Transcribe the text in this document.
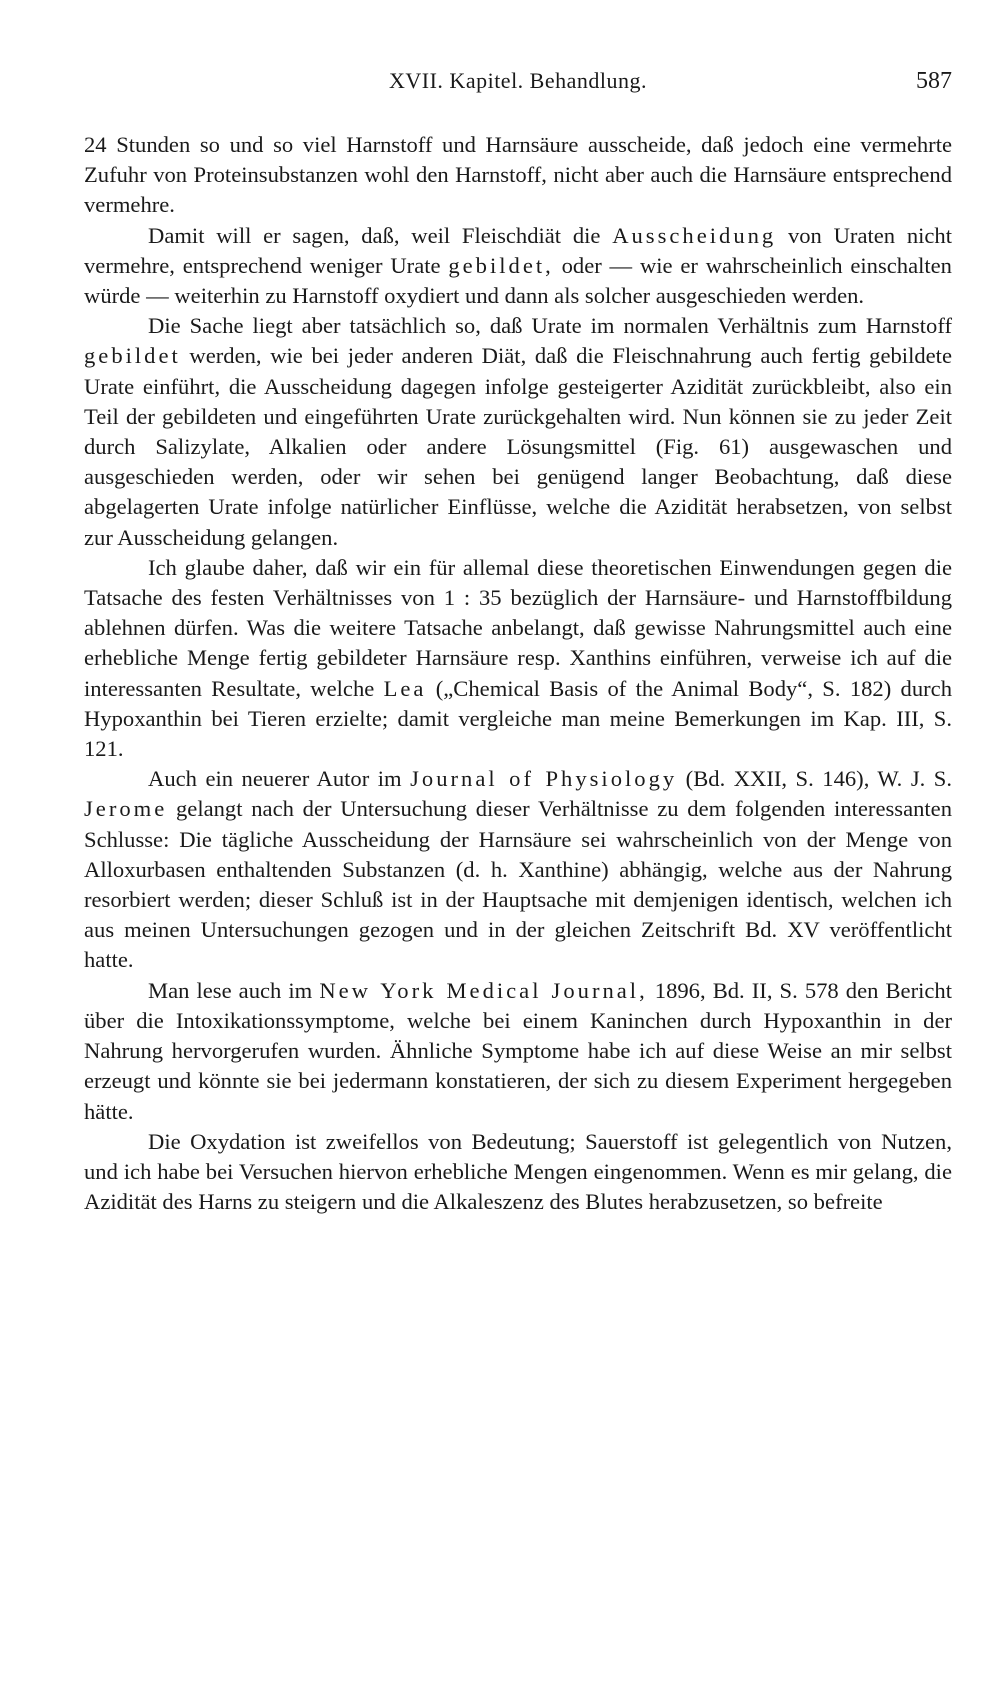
XVII. Kapitel. Behandlung.	587

24 Stunden so und so viel Harnstoff und Harnsäure ausscheide, daß jedoch eine vermehrte Zufuhr von Proteinsubstanzen wohl den Harnstoff, nicht aber auch die Harnsäure entsprechend vermehre.

Damit will er sagen, daß, weil Fleischdiät die Ausscheidung von Uraten nicht vermehre, entsprechend weniger Urate gebildet, oder — wie er wahrscheinlich einschalten würde — weiterhin zu Harnstoff oxydiert und dann als solcher ausgeschieden werden.

Die Sache liegt aber tatsächlich so, daß Urate im normalen Verhältnis zum Harnstoff gebildet werden, wie bei jeder anderen Diät, daß die Fleischnahrung auch fertig gebildete Urate einführt, die Ausscheidung dagegen infolge gesteigerter Azidität zurückbleibt, also ein Teil der gebildeten und eingeführten Urate zurückgehalten wird. Nun können sie zu jeder Zeit durch Salizylate, Alkalien oder andere Lösungsmittel (Fig. 61) ausgewaschen und ausgeschieden werden, oder wir sehen bei genügend langer Beobachtung, daß diese abgelagerten Urate infolge natürlicher Einflüsse, welche die Azidität herabsetzen, von selbst zur Ausscheidung gelangen.

Ich glaube daher, daß wir ein für allemal diese theoretischen Einwendungen gegen die Tatsache des festen Verhältnisses von 1 : 35 bezüglich der Harnsäure- und Harnstoffbildung ablehnen dürfen. Was die weitere Tatsache anbelangt, daß gewisse Nahrungsmittel auch eine erhebliche Menge fertig gebildeter Harnsäure resp. Xanthins einführen, verweise ich auf die interessanten Resultate, welche Lea („Chemical Basis of the Animal Body“, S. 182) durch Hypoxanthin bei Tieren erzielte; damit vergleiche man meine Bemerkungen im Kap. III, S. 121.

Auch ein neuerer Autor im Journal of Physiology (Bd. XXII, S. 146), W. J. S. Jerome gelangt nach der Untersuchung dieser Verhältnisse zu dem folgenden interessanten Schlusse: Die tägliche Ausscheidung der Harnsäure sei wahrscheinlich von der Menge von Alloxurbasen enthaltenden Substanzen (d. h. Xanthine) abhängig, welche aus der Nahrung resorbiert werden; dieser Schluß ist in der Hauptsache mit demjenigen identisch, welchen ich aus meinen Untersuchungen gezogen und in der gleichen Zeitschrift Bd. XV veröffentlicht hatte.

Man lese auch im New York Medical Journal, 1896, Bd. II, S. 578 den Bericht über die Intoxikationssymptome, welche bei einem Kaninchen durch Hypoxanthin in der Nahrung hervorgerufen wurden. Ähnliche Symptome habe ich auf diese Weise an mir selbst erzeugt und könnte sie bei jedermann konstatieren, der sich zu diesem Experiment hergegeben hätte.

Die Oxydation ist zweifellos von Bedeutung; Sauerstoff ist gelegentlich von Nutzen, und ich habe bei Versuchen hiervon erhebliche Mengen eingenommen. Wenn es mir gelang, die Azidität des Harns zu steigern und die Alkaleszenz des Blutes herabzusetzen, so befreite
